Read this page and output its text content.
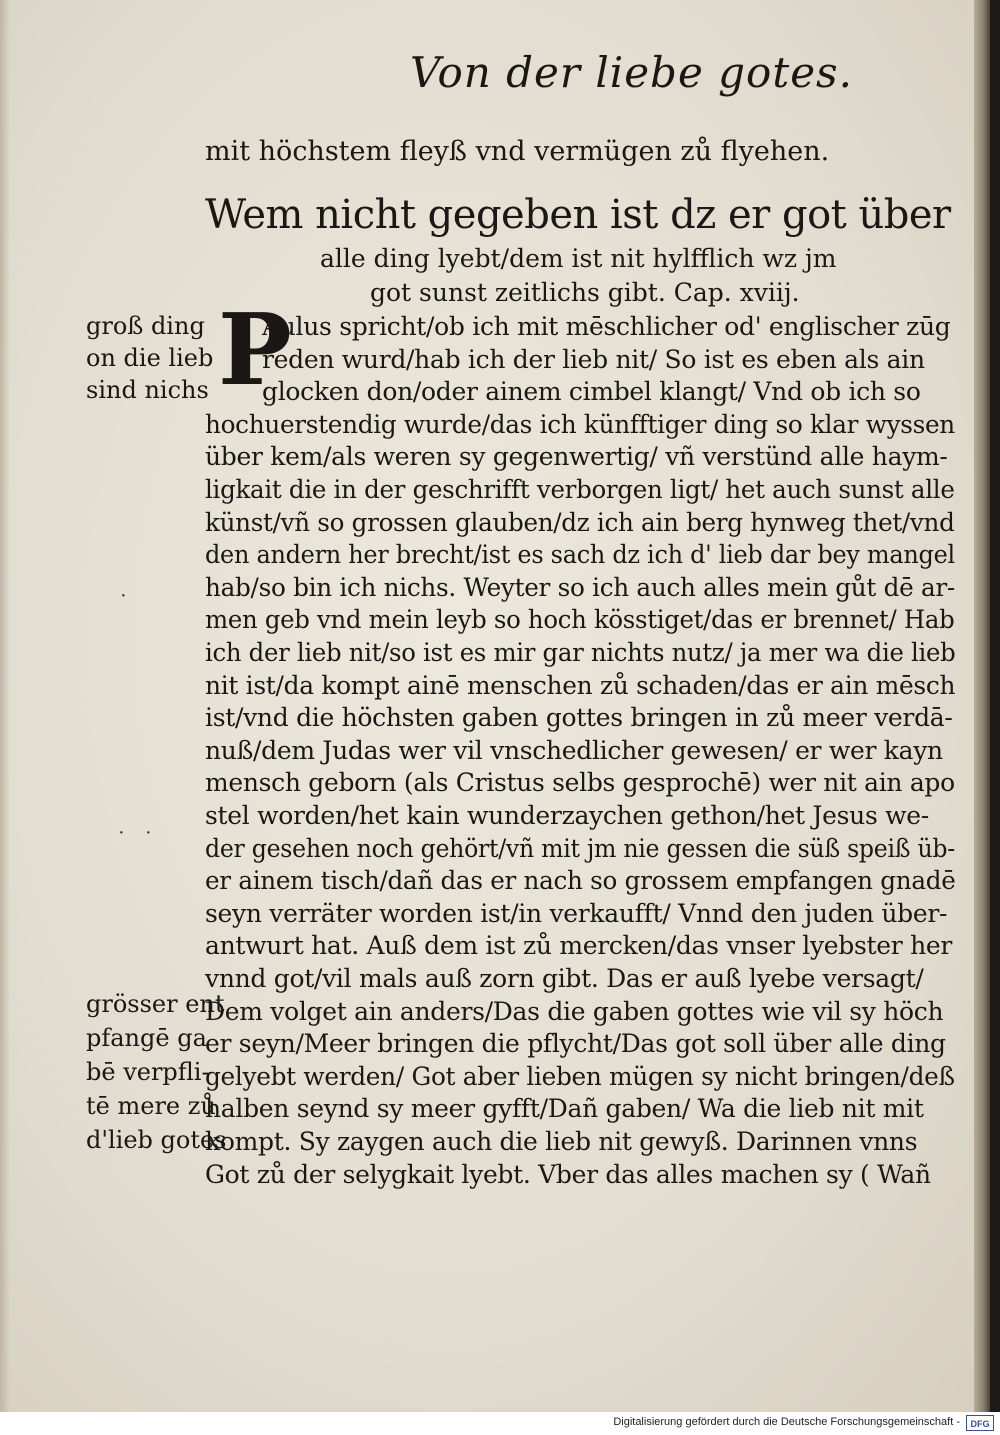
Von der liebe gotes.
mit höchstem fleyß vnd vermügen zů flyehen.
Wem nicht gegeben ist dz er got über
alle ding lyebt/dem ist nit hylfflich wz jm
got sunst zeitlichs gibt. Cap. xviij.
P
Aulus spricht/ob ich mit mēschlicher od' englischer zūg
reden wurd/hab ich der lieb nit/ So ist es eben als ain
glocken don/oder ainem cimbel klangt/ Vnd ob ich so
hochuerstendig wurde/das ich künfftiger ding so klar wyssen
über kem/als weren sy gegenwertig/ vñ verstünd alle haym-
ligkait die in der geschrifft verborgen ligt/ het auch sunst alle
künst/vñ so grossen glauben/dz ich ain berg hynweg thet/vnd
den andern her brecht/ist es sach dz ich d' lieb dar bey mangel
hab/so bin ich nichs. Weyter so ich auch alles mein gůt dē ar-
men geb vnd mein leyb so hoch kösstiget/das er brennet/ Hab
ich der lieb nit/so ist es mir gar nichts nutz/ ja mer wa die lieb
nit ist/da kompt ainē menschen zů schaden/das er ain mēsch
ist/vnd die höchsten gaben gottes bringen in zů meer verdā-
nuß/dem Judas wer vil vnschedlicher gewesen/ er wer kayn
mensch geborn (als Cristus selbs gesprochē) wer nit ain apo
stel worden/het kain wunderzaychen gethon/het Jesus we-
der gesehen noch gehört/vñ mit jm nie gessen die süß speiß üb-
er ainem tisch/dañ das er nach so grossem empfangen gnadē
seyn verräter worden ist/in verkaufft/ Vnnd den juden über-
antwurt hat. Auß dem ist zů mercken/das vnser lyebster her
vnnd got/vil mals auß zorn gibt. Das er auß lyebe versagt/
Dem volget ain anders/Das die gaben gottes wie vil sy höch
er seyn/Meer bringen die pflycht/Das got soll über alle ding
gelyebt werden/ Got aber lieben mügen sy nicht bringen/deß
halben seynd sy meer gyfft/Dañ gaben/ Wa die lieb nit mit
kompt. Sy zaygen auch die lieb nit gewyß. Darinnen vnns
Got zů der selygkait lyebt. Vber das alles machen sy ( Wañ
groß ding
on die lieb
sind nichs
grösser ent
pfangē ga
bē verpfli-
tē mere zů
d'lieb gotes
·
· ·
Digitalisierung gefördert durch die Deutsche Forschungsgemeinschaft -	DFG
